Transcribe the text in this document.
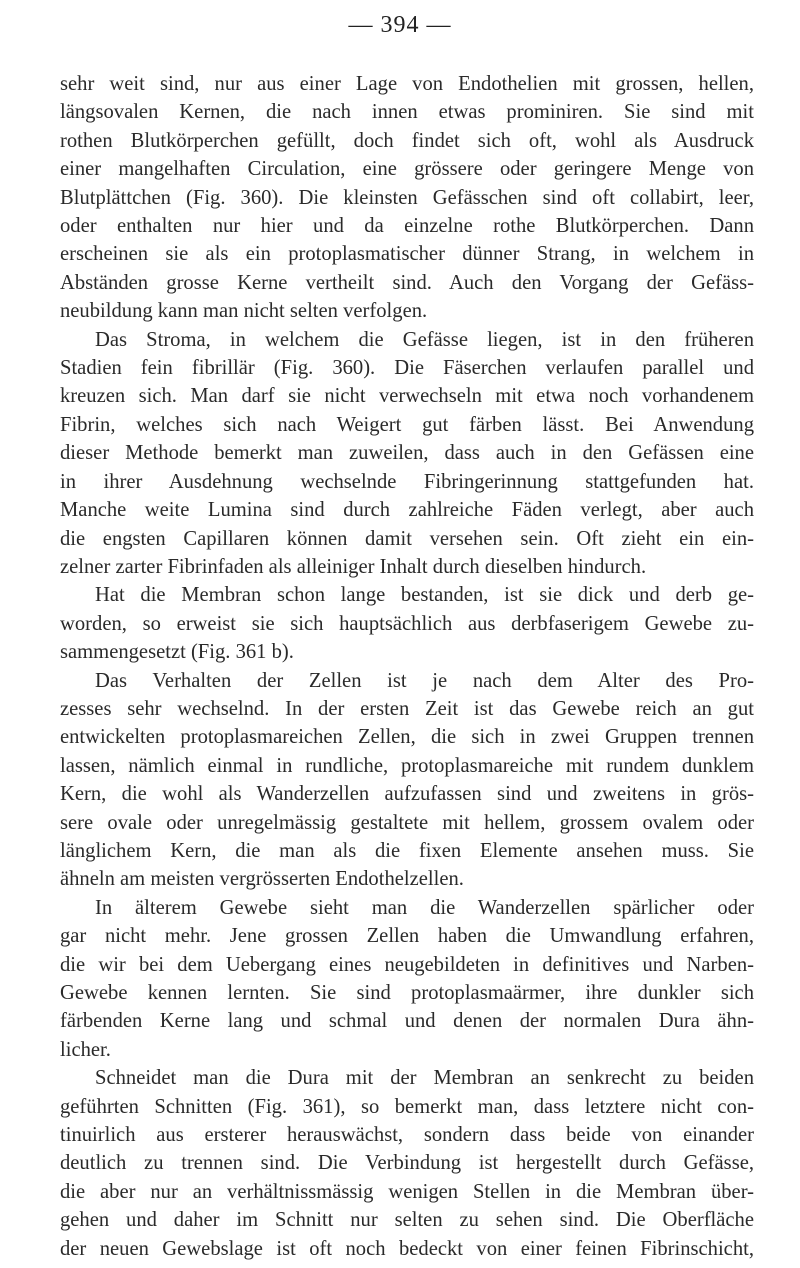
— 394 —
sehr weit sind, nur aus einer Lage von Endothelien mit grossen, hellen,
längsovalen Kernen, die nach innen etwas prominiren. Sie sind mit
rothen Blutkörperchen gefüllt, doch findet sich oft, wohl als Ausdruck
einer mangelhaften Circulation, eine grössere oder geringere Menge von
Blutplättchen (Fig. 360). Die kleinsten Gefässchen sind oft collabirt, leer,
oder enthalten nur hier und da einzelne rothe Blutkörperchen. Dann
erscheinen sie als ein protoplasmatischer dünner Strang, in welchem in
Abständen grosse Kerne vertheilt sind. Auch den Vorgang der Gefäss-
neubildung kann man nicht selten verfolgen.
Das Stroma, in welchem die Gefässe liegen, ist in den früheren
Stadien fein fibrillär (Fig. 360). Die Fäserchen verlaufen parallel und
kreuzen sich. Man darf sie nicht verwechseln mit etwa noch vorhandenem
Fibrin, welches sich nach Weigert gut färben lässt. Bei Anwendung
dieser Methode bemerkt man zuweilen, dass auch in den Gefässen eine
in ihrer Ausdehnung wechselnde Fibringerinnung stattgefunden hat.
Manche weite Lumina sind durch zahlreiche Fäden verlegt, aber auch
die engsten Capillaren können damit versehen sein. Oft zieht ein ein-
zelner zarter Fibrinfaden als alleiniger Inhalt durch dieselben hindurch.
Hat die Membran schon lange bestanden, ist sie dick und derb ge-
worden, so erweist sie sich hauptsächlich aus derbfaserigem Gewebe zu-
sammengesetzt (Fig. 361 b).
Das Verhalten der Zellen ist je nach dem Alter des Pro-
zesses sehr wechselnd. In der ersten Zeit ist das Gewebe reich an gut
entwickelten protoplasmareichen Zellen, die sich in zwei Gruppen trennen
lassen, nämlich einmal in rundliche, protoplasmareiche mit rundem dunklem
Kern, die wohl als Wanderzellen aufzufassen sind und zweitens in grös-
sere ovale oder unregelmässig gestaltete mit hellem, grossem ovalem oder
länglichem Kern, die man als die fixen Elemente ansehen muss. Sie
ähneln am meisten vergrösserten Endothelzellen.
In älterem Gewebe sieht man die Wanderzellen spärlicher oder
gar nicht mehr. Jene grossen Zellen haben die Umwandlung erfahren,
die wir bei dem Uebergang eines neugebildeten in definitives und Narben-
Gewebe kennen lernten. Sie sind protoplasmaärmer, ihre dunkler sich
färbenden Kerne lang und schmal und denen der normalen Dura ähn-
licher.
Schneidet man die Dura mit der Membran an senkrecht zu beiden
geführten Schnitten (Fig. 361), so bemerkt man, dass letztere nicht con-
tinuirlich aus ersterer herauswächst, sondern dass beide von einander
deutlich zu trennen sind. Die Verbindung ist hergestellt durch Gefässe,
die aber nur an verhältnissmässig wenigen Stellen in die Membran über-
gehen und daher im Schnitt nur selten zu sehen sind. Die Oberfläche
der neuen Gewebslage ist oft noch bedeckt von einer feinen Fibrinschicht,
